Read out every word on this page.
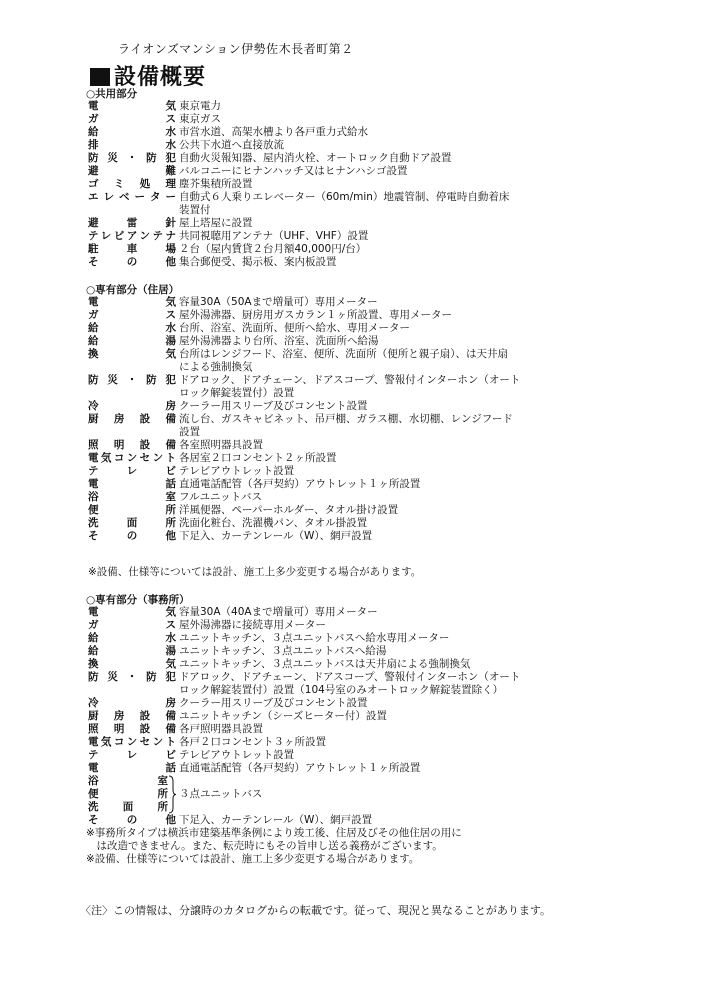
ライオンズマンション伊勢佐木長者町第２
設備概要
○共用部分
電気 東京電力
ガス 東京ガス
給水 市営水道、高架水槽より各戸重力式給水
排水 公共下水道へ直接放流
防災・防犯 自動火災報知器、屋内消火栓、オートロック自動ドア設置
避難 バルコニーにヒナンハッチ又はヒナンハシゴ設置
ゴミ処理 塵芥集積所設置
エレベーター 自動式６人乗りエレベーター（60m/min）地震管制、停電時自動着床
装置付
避雷針 屋上塔屋に設置
テレビアンテナ 共同視聴用アンテナ（UHF、VHF）設置
駐車場 ２台（屋内賃貸２台月額40,000円/台）
その他 集合郵便受、掲示板、案内板設置
○専有部分（住居）
電気 容量30A（50Aまで増量可）専用メーター
ガス 屋外湯沸器、厨房用ガスカラン１ヶ所設置、専用メーター
給水 台所、浴室、洗面所、便所へ給水、専用メーター
給湯 屋外湯沸器より台所、浴室、洗面所へ給湯
換気 台所はレンジフード、浴室、便所、洗面所（便所と親子扇）、は天井扇
による強制換気
防災・防犯 ドアロック、ドアチェーン、ドアスコープ、警報付インターホン（オート
ロック解錠装置付）設置
冷房 クーラー用スリーブ及びコンセント設置
厨房設備 流し台、ガスキャビネット、吊戸棚、ガラス棚、水切棚、レンジフード
設置
照明設備 各室照明器具設置
電気コンセント 各居室２口コンセント２ヶ所設置
テレビ テレビアウトレット設置
電話 直通電話配管（各戸契約）アウトレット１ヶ所設置
浴室 フルユニットバス
便所 洋風便器、ペーパーホルダー、タオル掛け設置
洗面所 洗面化粧台、洗濯機パン、タオル掛設置
その他 下足入、カーテンレール（W）、網戸設置
※設備、仕様等については設計、施工上多少変更する場合があります。
○専有部分（事務所）
電気 容量30A（40Aまで増量可）専用メーター
ガス 屋外湯沸器に接続専用メーター
給水 ユニットキッチン、３点ユニットバスへ給水専用メーター
給湯 ユニットキッチン、３点ユニットバスへ給湯
換気 ユニットキッチン、３点ユニットバスは天井扇による強制換気
防災・防犯 ドアロック、ドアチェーン、ドアスコープ、警報付インターホン（オート
ロック解錠装置付）設置（104号室のみオートロック解錠装置除く）
冷房 クーラー用スリーブ及びコンセント設置
厨房設備 ユニットキッチン（シーズヒーター付）設置
照明設備 各戸照明器具設置
電気コンセント 各戸２口コンセント３ヶ所設置
テレビ テレビアウトレット設置
電話 直通電話配管（各戸契約）アウトレット１ヶ所設置
浴室
便所
洗面所
３点ユニットバス
その他 下足入、カーテンレール（W）、網戸設置
※事務所タイプは横浜市建築基準条例により竣工後、住居及びその他住居の用に
　は改造できません。また、転売時にもその旨申し送る義務がございます。
※設備、仕様等については設計、施工上多少変更する場合があります。
〈注〉この情報は、分譲時のカタログからの転載です。従って、現況と異なることがあります。
